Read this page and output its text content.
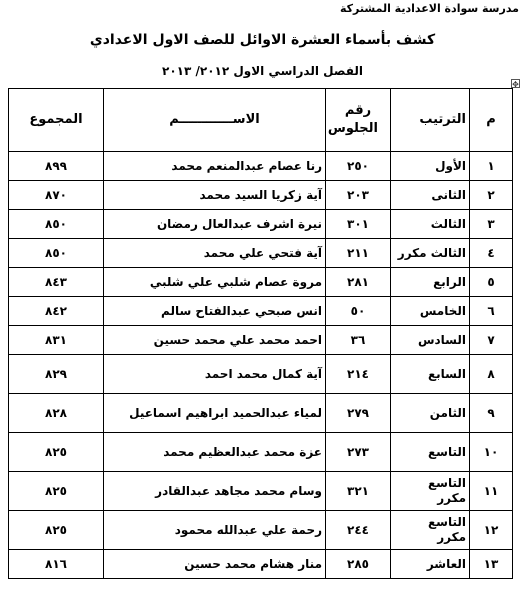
مدرسة سوادة الاعدادية المشتركة
كشف بأسماء العشرة الاوائل للصف الاول الاعدادي
الفصل الدراسي الاول ٢٠١٢/ ٢٠١٣
✥
م	الترتيب	رقم الجلوس	الاســــــــــــم	المجموع
١	الأول	٢٥٠	رنا عصام عبدالمنعم محمد	٨٩٩
٢	الثانى	٢٠٣	آية زكريا السيد محمد	٨٧٠
٣	الثالث	٣٠١	نيرة اشرف عبدالعال رمضان	٨٥٠
٤	الثالث مكرر	٢١١	آية فتحي علي محمد	٨٥٠
٥	الرابع	٢٨١	مروة عصام شلبي علي شلبي	٨٤٣
٦	الخامس	٥٠	انس صبحي عبدالفتاح سالم	٨٤٢
٧	السادس	٣٦	احمد محمد علي محمد حسين	٨٣١
٨	السابع	٢١٤	آية كمال محمد احمد	٨٢٩
٩	الثامن	٢٧٩	لمياء عبدالحميد ابراهيم اسماعيل	٨٢٨
١٠	التاسع	٢٧٣	عزة محمد عبدالعظيم محمد	٨٢٥
١١	التاسع مكرر	٣٢١	وسام محمد مجاهد عبدالقادر	٨٢٥
١٢	التاسع مكرر	٢٤٤	رحمة علي عبدالله محمود	٨٢٥
١٣	العاشر	٢٨٥	منار هشام محمد حسين	٨١٦
